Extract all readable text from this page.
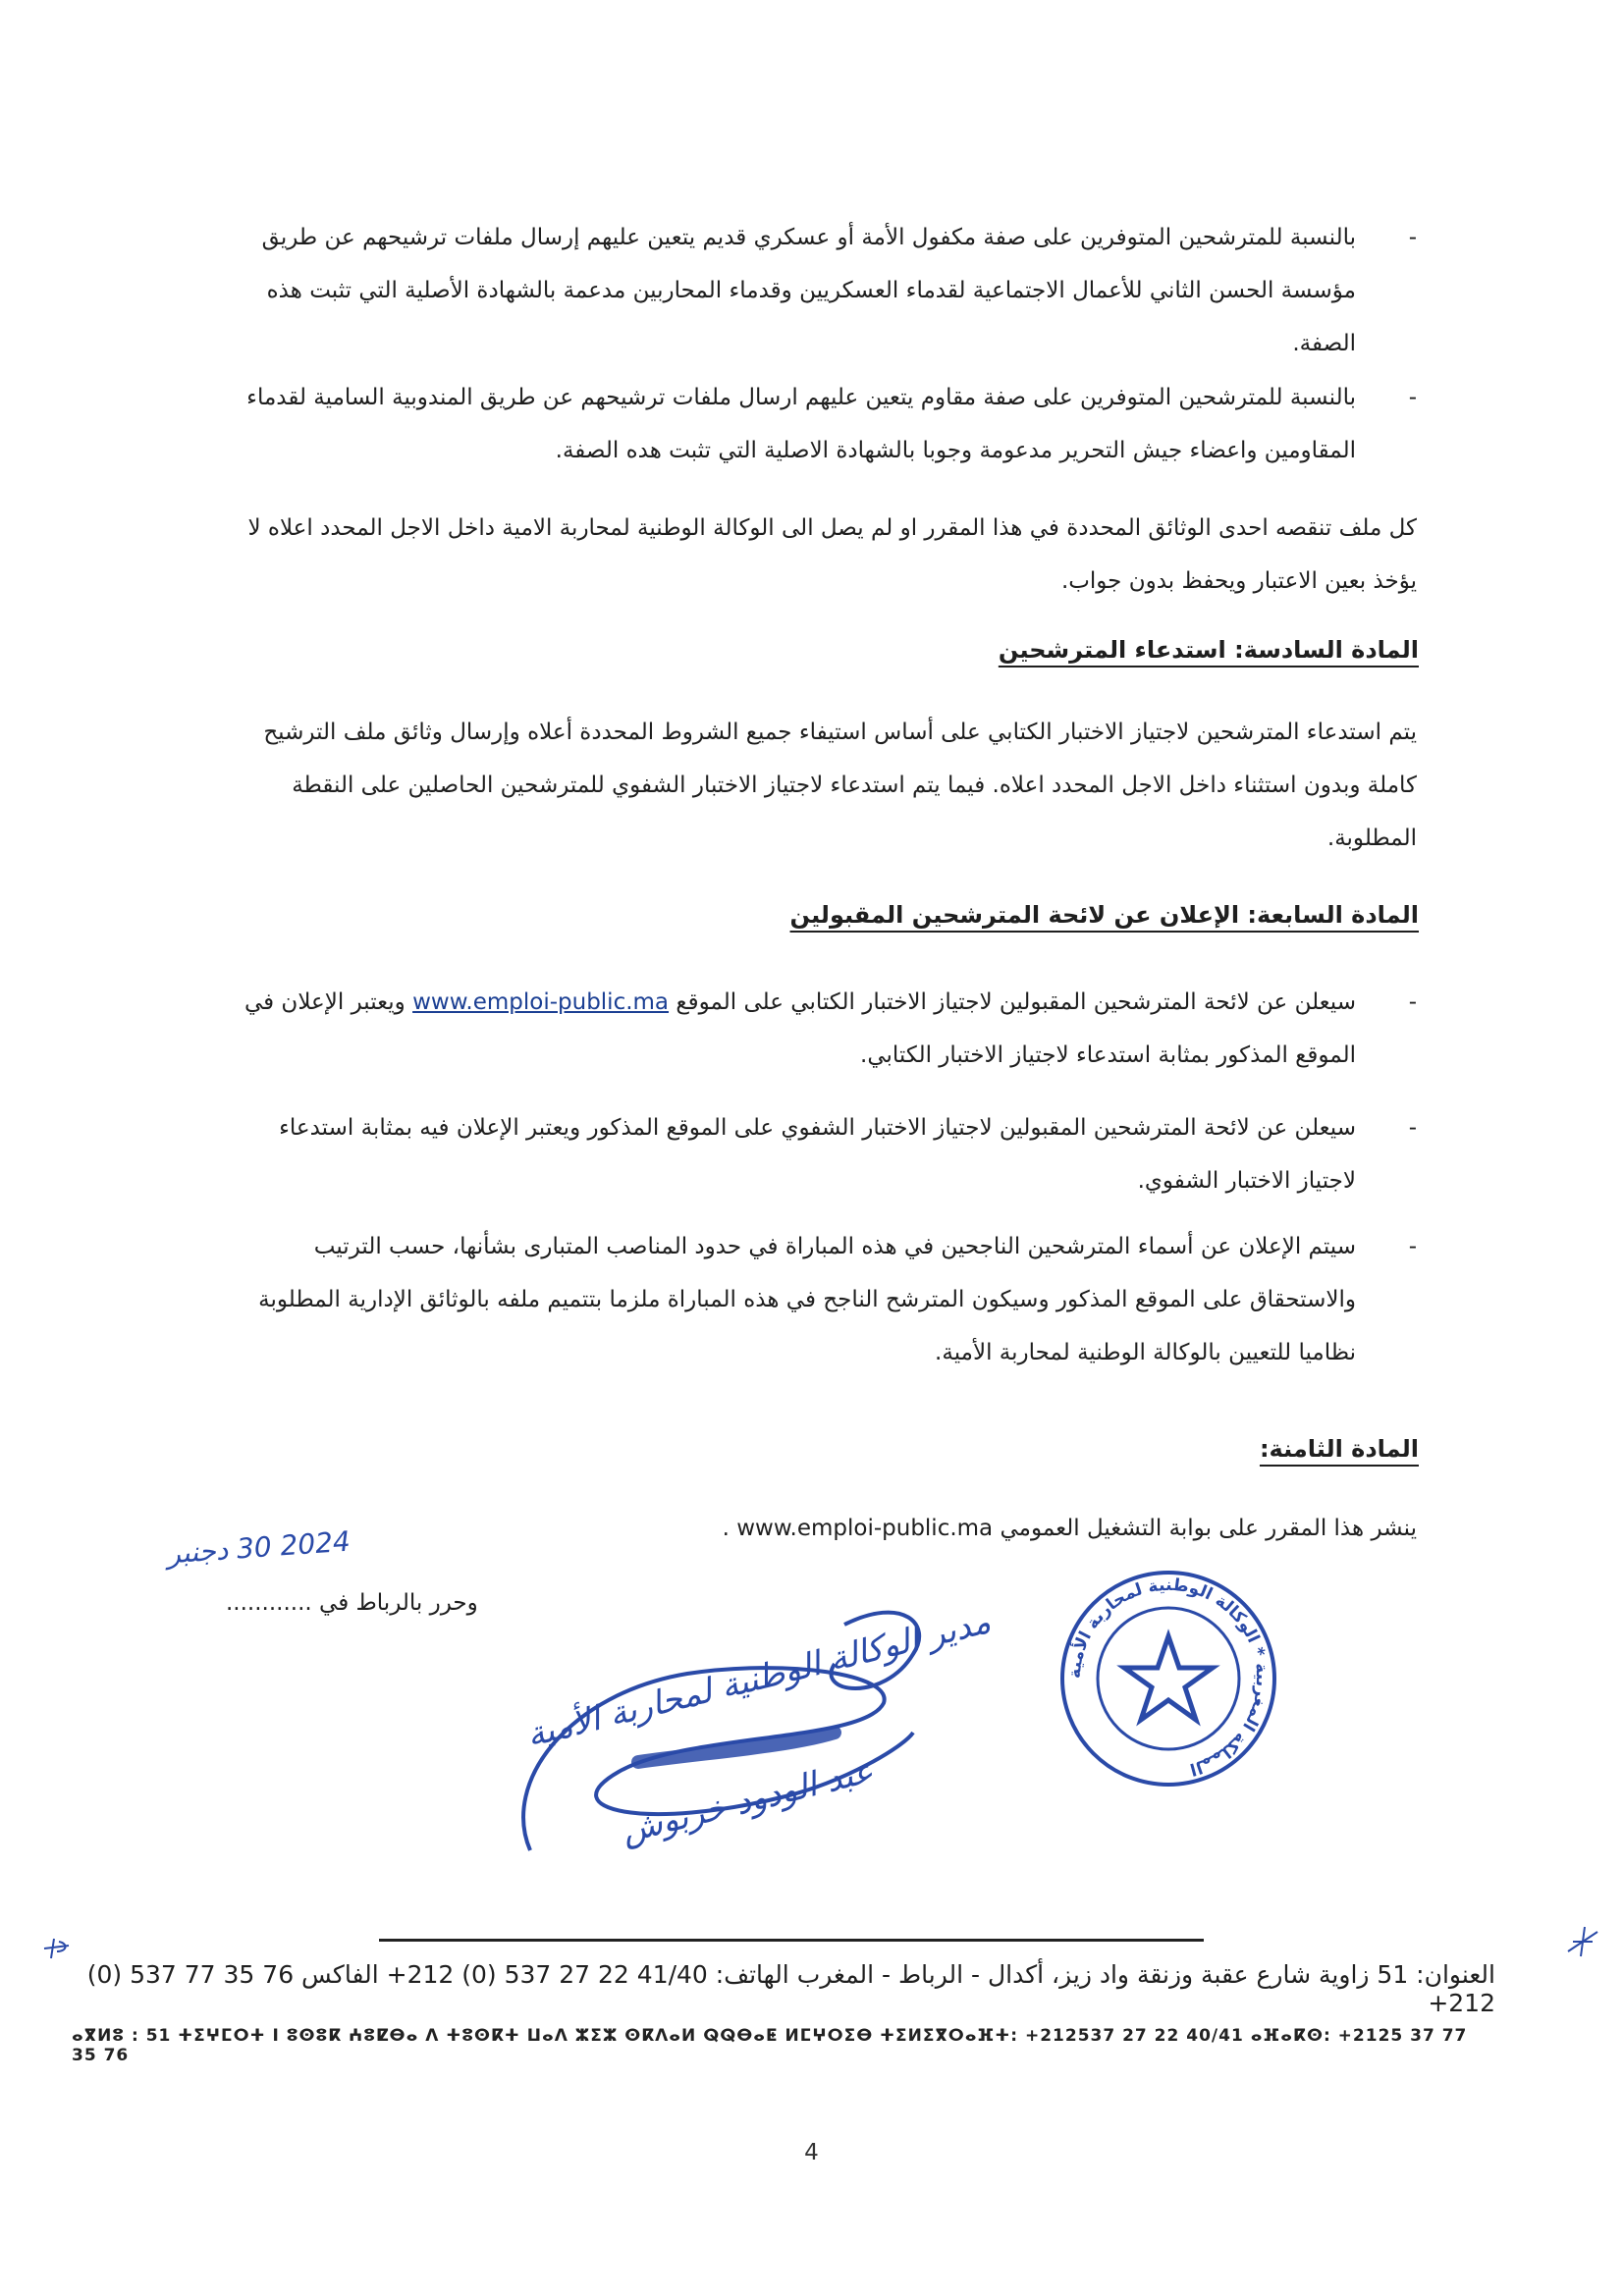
-
بالنسبة للمترشحين المتوفرين على صفة مكفول الأمة أو عسكري قديم يتعين عليهم إرسال ملفات ترشيحهم عن طريق مؤسسة الحسن الثاني للأعمال الاجتماعية لقدماء العسكريين وقدماء المحاربين مدعمة بالشهادة الأصلية التي تثبت هذه الصفة.
-
بالنسبة للمترشحين المتوفرين على صفة مقاوم يتعين عليهم ارسال ملفات ترشيحهم عن طريق المندوبية السامية لقدماء المقاومين واعضاء جيش التحرير مدعومة وجوبا بالشهادة الاصلية التي تثبت هده الصفة.
كل ملف تنقصه احدى الوثائق المحددة في هذا المقرر او لم يصل الى الوكالة الوطنية لمحاربة الامية داخل الاجل المحدد اعلاه لا يؤخذ بعين الاعتبار ويحفظ بدون جواب.
المادة السادسة: استدعاء المترشحين
يتم استدعاء المترشحين لاجتياز الاختبار الكتابي على أساس استيفاء جميع الشروط المحددة أعلاه وإرسال وثائق ملف الترشيح كاملة وبدون استثناء داخل الاجل المحدد اعلاه. فيما يتم استدعاء لاجتياز الاختبار الشفوي للمترشحين الحاصلين على النقطة المطلوبة.
المادة السابعة: الإعلان عن لائحة المترشحين المقبولين
-
سيعلن عن لائحة المترشحين المقبولين لاجتياز الاختبار الكتابي على الموقع www.emploi-public.ma ويعتبر الإعلان في الموقع المذكور بمثابة استدعاء لاجتياز الاختبار الكتابي.
-
سيعلن عن لائحة المترشحين المقبولين لاجتياز الاختبار الشفوي على الموقع المذكور ويعتبر الإعلان فيه بمثابة استدعاء لاجتياز الاختبار الشفوي.
-
سيتم الإعلان عن أسماء المترشحين الناجحين في هذه المباراة في حدود المناصب المتبارى بشأنها، حسب الترتيب والاستحقاق على الموقع المذكور وسيكون المترشح الناجح في هذه المباراة ملزما بتتميم ملفه بالوثائق الإدارية المطلوبة نظاميا للتعيين بالوكالة الوطنية لمحاربة الأمية.
المادة الثامنة:
ينشر هذا المقرر على بوابة التشغيل العمومي www.emploi-public.ma .
2024 30 دجنبر
وحرر بالرباط في ............ مدير الوكالة الوطنية لمحاربة الأمية
عبد الودود خربوش
المملكة المغربية * الوكالة الوطنية لمحاربة الأمية
العنوان: 51 زاوية شارع عقبة وزنقة واد زيز، أكدال - الرباط - المغرب الهاتف: 41/40 22 27 537 (0) 212+ الفاكس 76 35 77 537 (0) 212+
ⴰⴳⵍⵓ : 51 ⵜⵉⵖⵎⵔⵜ ⵏ ⵓⵙⵓⴽ ⵄⵓⵇⴱⴰ ⴷ ⵜⵓⵙⴽⵜ ⵡⴰⴷ ⵣⵉⵣ ⵙⴽⴷⴰⵍ ⵕⵕⴱⴰⵟ ⵍⵎⵖⵔⵉⴱ ⵜⵉⵍⵉⴳⵔⴰⴼⵜ: +212537 27 22 40/41 ⴰⴼⴰⴽⵙ: +2125 37 77 35 76
4
